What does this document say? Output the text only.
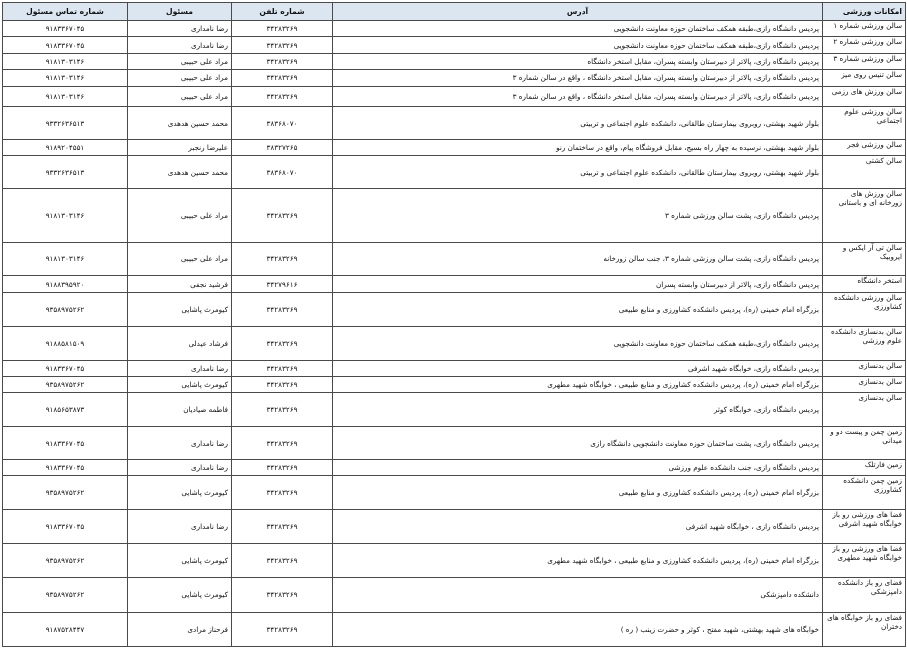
امکانات ورزشی	آدرس	شماره تلفن	مسئول	شماره تماس مسئول
سالن ورزشی شماره ۱	پردیس دانشگاه رازی،طبقه همکف ساختمان حوزه معاونت دانشجویی	۳۴۲۸۳۲۶۹	رضا نامداری	۹۱۸۳۳۶۷۰۴۵
سالن ورزشی شماره ۲	پردیس دانشگاه رازی،طبقه همکف ساختمان حوزه معاونت دانشجویی	۳۴۲۸۳۲۶۹	رضا نامداری	۹۱۸۳۳۶۷۰۴۵
سالن ورزشی شماره ۳	پردیس دانشگاه رازی، پالاتر از دبیرستان وابسته پسران، مقابل استخر دانشگاه	۳۴۲۸۳۲۶۹	مراد علی حبیبی	۹۱۸۱۳۰۳۱۴۶
سالن تنیس روی میز	پردیس دانشگاه رازی، پالاتر از دبیرستان وابسته پسران، مقابل استخر دانشگاه ، واقع در سالن شماره ۳	۳۴۲۸۳۲۶۹	مراد علی حبیبی	۹۱۸۱۳۰۳۱۴۶
سالن ورزش های رزمی	پردیس دانشگاه رازی، پالاتر از دبیرستان وابسته پسران، مقابل استخر دانشگاه ، واقع در سالن شماره ۳	۳۴۲۸۳۲۶۹	مراد علی حبیبی	۹۱۸۱۳۰۳۱۴۶
سالن ورزشی علوم اجتماعی	بلوار شهید بهشتی، روبروی بیمارستان طالقانی، دانشکده علوم اجتماعی و تربیتی	۳۸۳۶۸۰۷۰	محمد حسین هدهدی	۹۳۳۲۶۳۶۵۱۳
سالن ورزشی فجر	بلوار شهید بهشتی، نرسیده به چهار راه بسیج، مقابل فروشگاه پیام، واقع در ساختمان رنو	۳۸۳۲۷۲۶۵	علیرضا رنجبر	۹۱۸۹۲۰۴۵۵۱
سالن کشتی	بلوار شهید بهشتی، روبروی بیمارستان طالقانی، دانشکده علوم اجتماعی و تربیتی	۳۸۳۶۸۰۷۰	محمد حسین هدهدی	۹۳۳۲۶۳۶۵۱۳
سالن ورزش های زورخانه ای و باستانی	پردیس دانشگاه رازی، پشت سالن ورزشی شماره ۳	۳۴۲۸۳۲۶۹	مراد علی حبیبی	۹۱۸۱۳۰۳۱۴۶
سالن تی آر ایکس و ایروبیک	پردیس دانشگاه رازی، پشت سالن ورزشی شماره ۳، جنب سالن زورخانه	۳۴۲۸۳۲۶۹	مراد علی حبیبی	۹۱۸۱۳۰۳۱۴۶
استخر دانشگاه	پردیس دانشگاه رازی، پالاتر از دبیرستان وابسته پسران	۳۴۲۷۹۶۱۶	فرشید نجفی	۹۱۸۸۳۹۵۹۲۰
سالن ورزشی دانشکده کشاورزی	بزرگراه امام خمینی (ره)، پردیس دانشکده کشاورزی و منابع طبیعی	۳۴۲۸۳۲۶۹	کیومرث پاشایی	۹۳۵۸۹۷۵۲۶۲
سالن بدنسازی دانشکده علوم ورزشی	پردیس دانشگاه رازی،طبقه همکف ساختمان حوزه معاونت دانشجویی	۳۴۲۸۳۲۶۹	فرشاد عیدلی	۹۱۸۸۵۸۱۵۰۹
سالن بدنسازی	پردیس دانشگاه رازی، خوابگاه شهید اشرفی	۳۴۲۸۳۲۶۹	رضا نامداری	۹۱۸۳۳۶۷۰۴۵
سالن بدنسازی	بزرگراه امام خمینی (ره)، پردیس دانشکده کشاورزی و منابع طبیعی ، خوابگاه شهید مطهری	۳۴۲۸۳۲۶۹	کیومرث پاشایی	۹۳۵۸۹۷۵۲۶۲
سالن بدنسازی	پردیس دانشگاه رازی، خوابگاه کوثر	۳۴۲۸۳۲۶۹	فاطمه صیادیان	۹۱۸۵۶۵۳۸۷۳
زمین چمن و پیست دو و میدانی	پردیس دانشگاه رازی، پشت ساختمان حوزه معاونت دانشجویی دانشگاه رازی	۳۴۲۸۳۲۶۹	رضا نامداری	۹۱۸۳۳۶۷۰۴۵
زمین فارتلک	پردیس دانشگاه رازی، جنب دانشکده علوم ورزشی	۳۴۲۸۳۲۶۹	رضا نامداری	۹۱۸۳۳۶۷۰۴۵
زمین چمن دانشکده کشاورزی	بزرگراه امام خمینی (ره)، پردیس دانشکده کشاورزی و منابع طبیعی	۳۴۲۸۳۲۶۹	کیومرث پاشایی	۹۳۵۸۹۷۵۲۶۲
فضا های ورزشی رو باز خوابگاه شهید اشرفی	پردیس دانشگاه رازی ، خوابگاه شهید اشرفی	۳۴۲۸۳۲۶۹	رضا نامداری	۹۱۸۳۳۶۷۰۴۵
فضا های ورزشی رو باز خوابگاه شهید مطهری	بزرگراه امام خمینی (ره)، پردیس دانشکده کشاورزی و منابع طبیعی ، خوابگاه شهید مطهری	۳۴۲۸۳۲۶۹	کیومرث پاشایی	۹۳۵۸۹۷۵۲۶۲
فضای رو باز دانشکده دامپزشکی	دانشکده دامپزشکی	۳۴۲۸۳۲۶۹	کیومرث پاشایی	۹۳۵۸۹۷۵۲۶۲
فضای رو باز خوابگاه های دختران	خوابگاه های شهید بهشتی، شهید مفتح ، کوثر و حضرت زینب ( ره )	۳۴۲۸۳۲۶۹	فرحناز مرادی	۹۱۸۷۵۲۸۴۴۷
